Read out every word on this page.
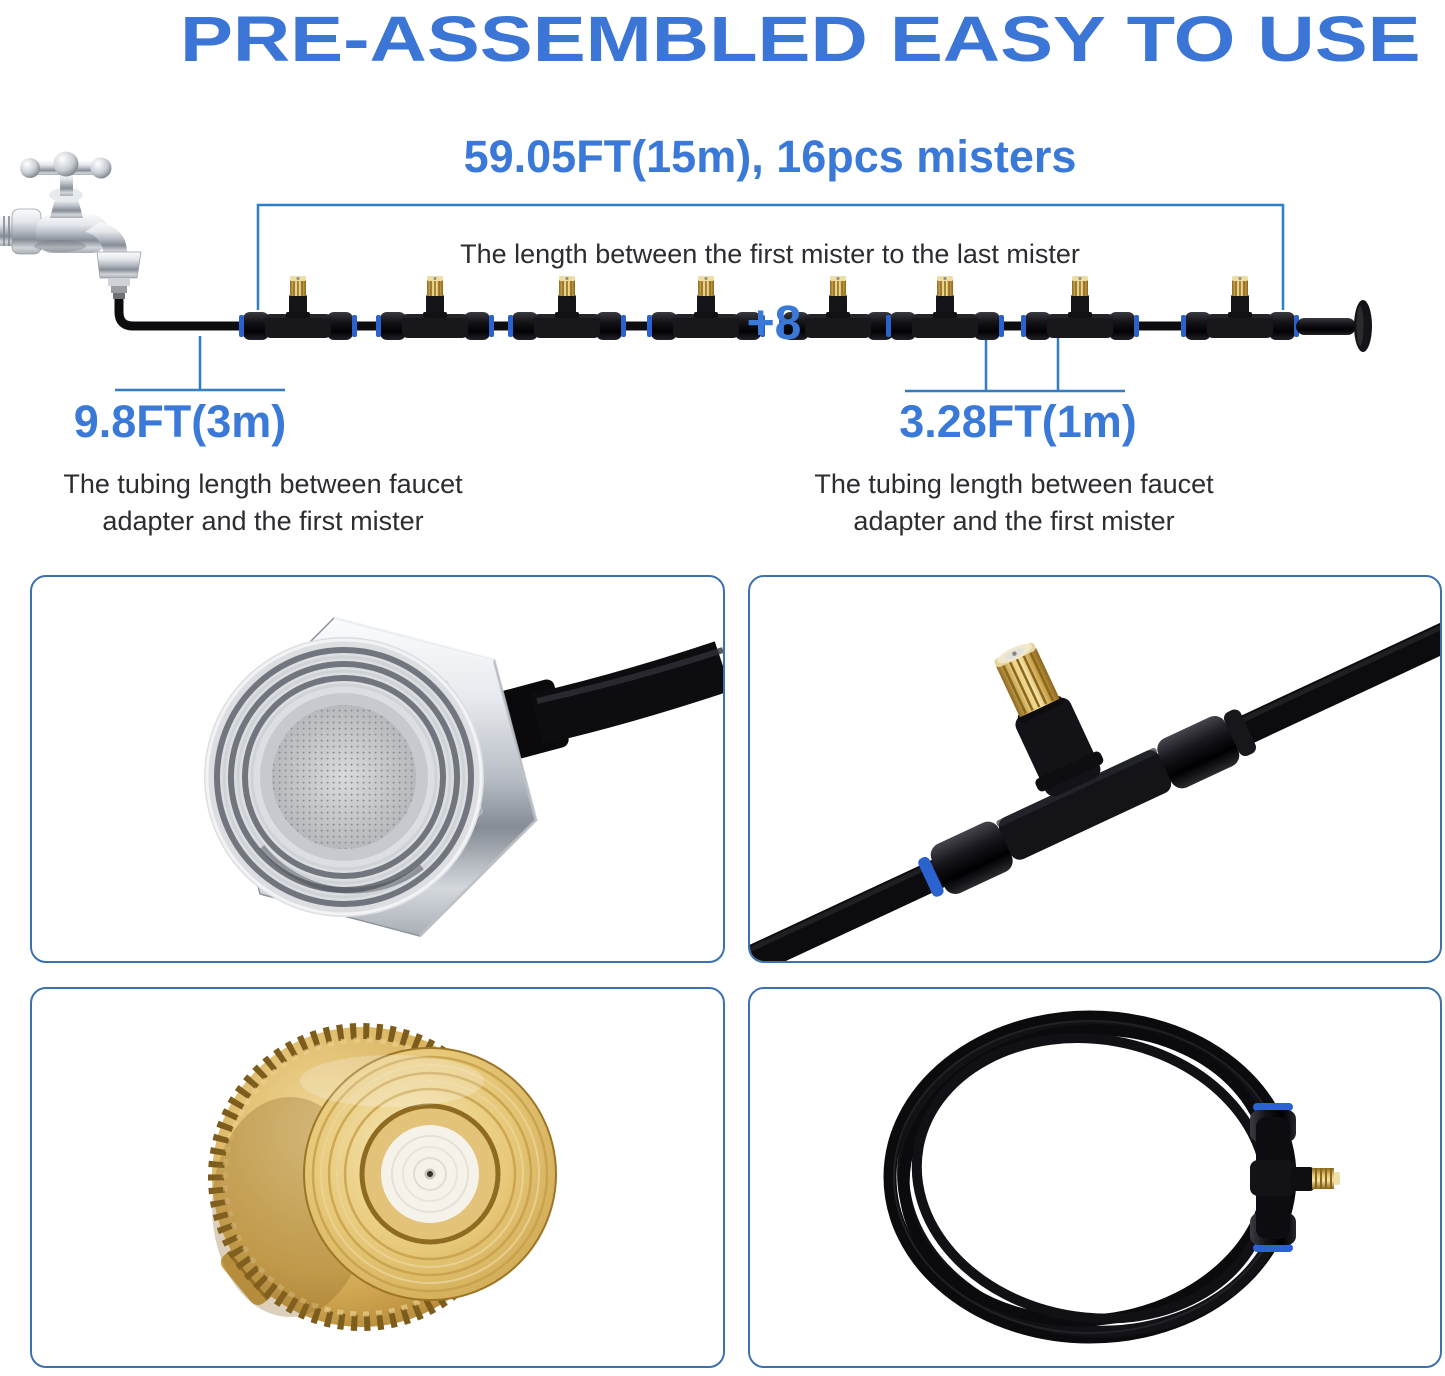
PRE-ASSEMBLED EASY TO USE
59.05FT(15m), 16pcs misters
The length between the first mister to the last mister
+8
9.8FT(3m)
The tubing length between faucet adapter and the first mister
3.28FT(1m)
The tubing length between faucet adapter and the first mister
